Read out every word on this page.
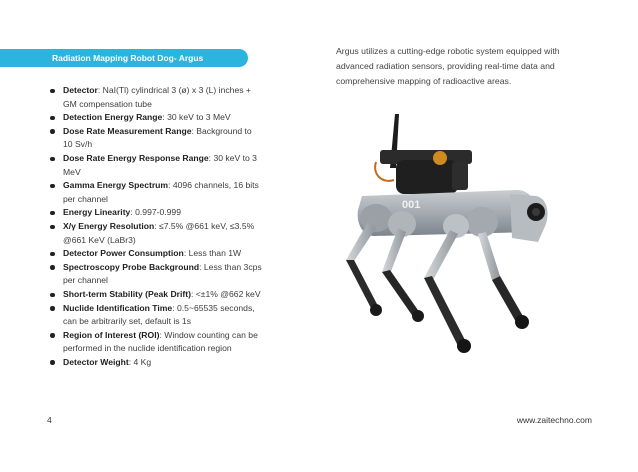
Radiation Mapping Robot Dog- Argus
Detector: NaI(Tl) cylindrical 3 (ø) x 3 (L) inches + GM compensation tube
Detection Energy Range: 30 keV to 3 MeV
Dose Rate Measurement Range: Background to 10 Sv/h
Dose Rate Energy Response Range: 30 keV to 3 MeV
Gamma Energy Spectrum: 4096 channels, 16 bits per channel
Energy Linearity: 0.997-0.999
X/γ Energy Resolution: ≤7.5% @661 keV, ≤3.5% @661 KeV (LaBr3)
Detector Power Consumption: Less than 1W
Spectroscopy Probe Background: Less than 3cps per channel
Short-term Stability (Peak Drift): <±1% @662 keV
Nuclide Identification Time: 0.5~65535 seconds, can be arbitrarily set, default is 1s
Region of Interest (ROI): Window counting can be performed in the nuclide identification region
Detector Weight: 4 Kg

Argus utilizes a cutting-edge robotic system equipped with advanced radiation sensors, providing real-time data and comprehensive mapping of radioactive areas.

001
4	www.zaitechno.com
